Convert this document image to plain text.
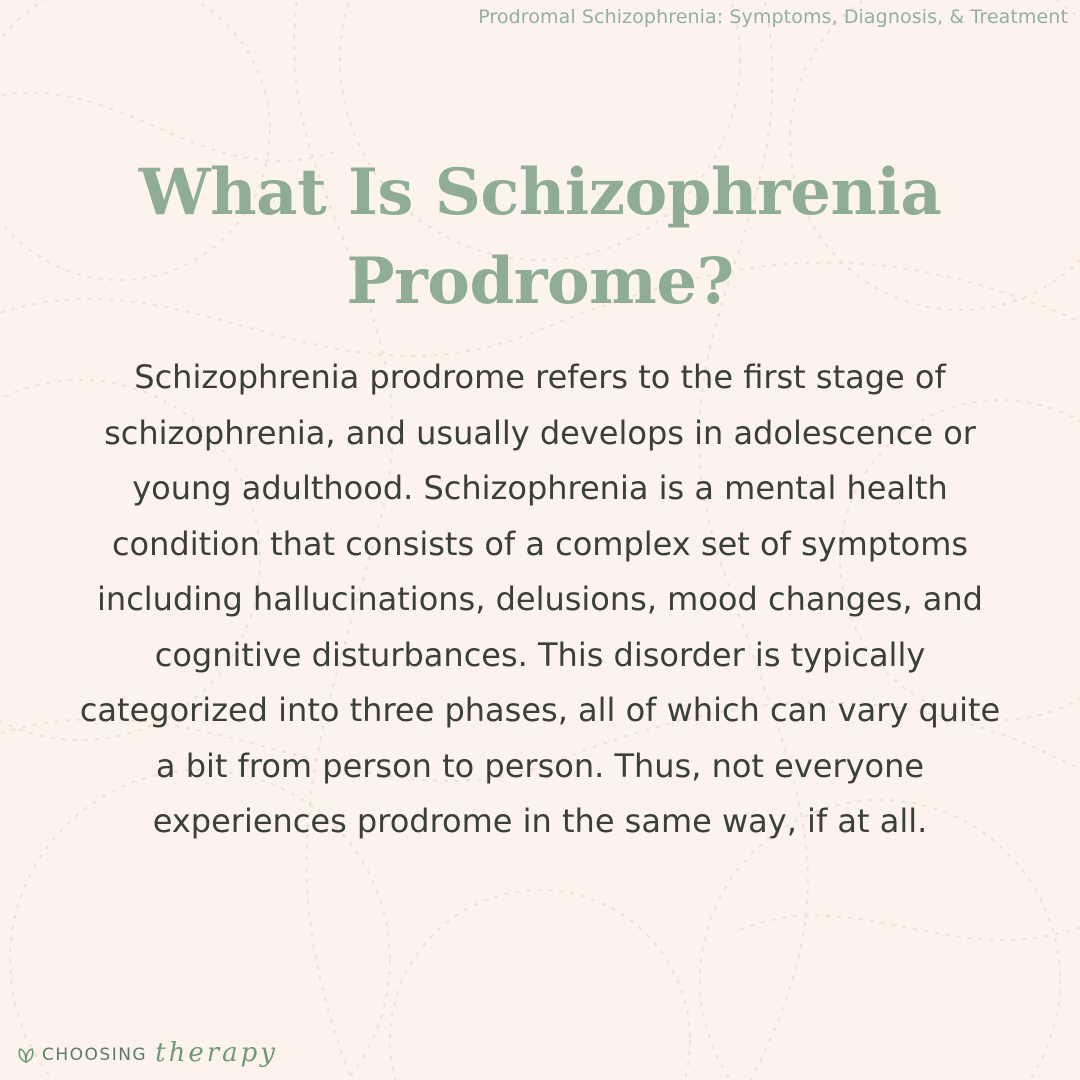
Prodromal Schizophrenia: Symptoms, Diagnosis, & Treatment
What Is Schizophrenia Prodrome?

Schizophrenia prodrome refers to the first stage of schizophrenia, and usually develops in adolescence or young adulthood. Schizophrenia is a mental health condition that consists of a complex set of symptoms including hallucinations, delusions, mood changes, and cognitive disturbances. This disorder is typically categorized into three phases, all of which can vary quite a bit from person to person. Thus, not everyone experiences prodrome in the same way, if at all.

CHOOSING therapy
